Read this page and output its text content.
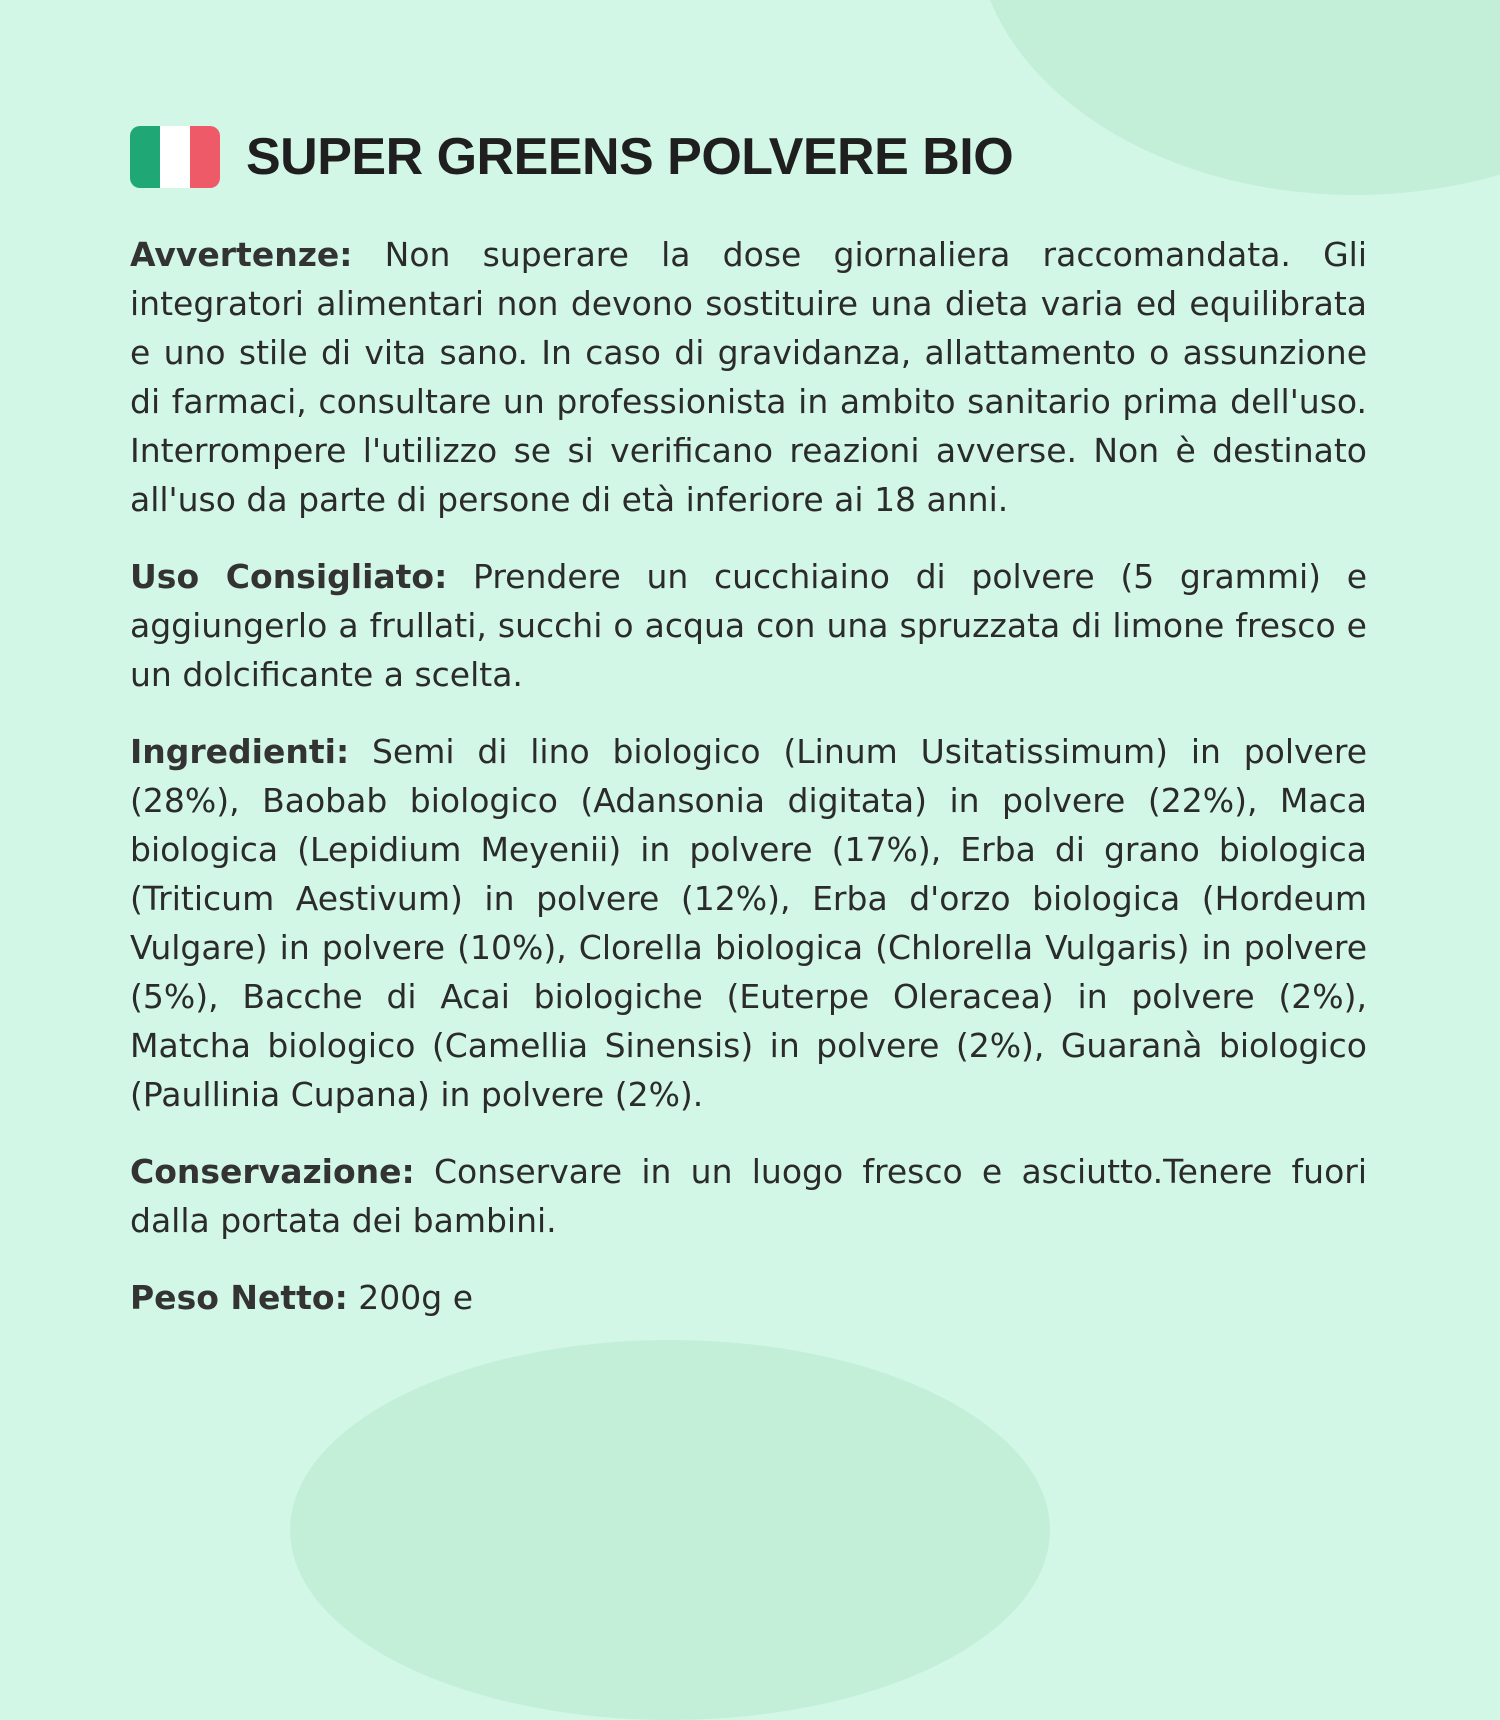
SUPER GREENS POLVERE BIO

Avvertenze: Non superare la dose giornaliera raccomandata. Gli integratori alimentari non devono sostituire una dieta varia ed equilibrata e uno stile di vita sano. In caso di gravidanza, allattamento o assunzione di farmaci, consultare un professionista in ambito sanitario prima dell'uso. Interrompere l'utilizzo se si verificano reazioni avverse. Non è destinato all'uso da parte di persone di età inferiore ai 18 anni.

Uso Consigliato: Prendere un cucchiaino di polvere (5 grammi) e aggiungerlo a frullati, succhi o acqua con una spruzzata di limone fresco e un dolcificante a scelta.

Ingredienti: Semi di lino biologico (Linum Usitatissimum) in polvere (28%), Baobab biologico (Adansonia digitata) in polvere (22%), Maca biologica (Lepidium Meyenii) in polvere (17%), Erba di grano biologica (Triticum Aestivum) in polvere (12%), Erba d'orzo biologica (Hordeum Vulgare) in polvere (10%), Clorella biologica (Chlorella Vulgaris) in polvere (5%), Bacche di Acai biologiche (Euterpe Oleracea) in polvere (2%), Matcha biologico (Camellia Sinensis) in polvere (2%), Guaranà biologico (Paullinia Cupana) in polvere (2%).

Conservazione: Conservare in un luogo fresco e asciutto.Tenere fuori dalla portata dei bambini.

Peso Netto: 200g e
